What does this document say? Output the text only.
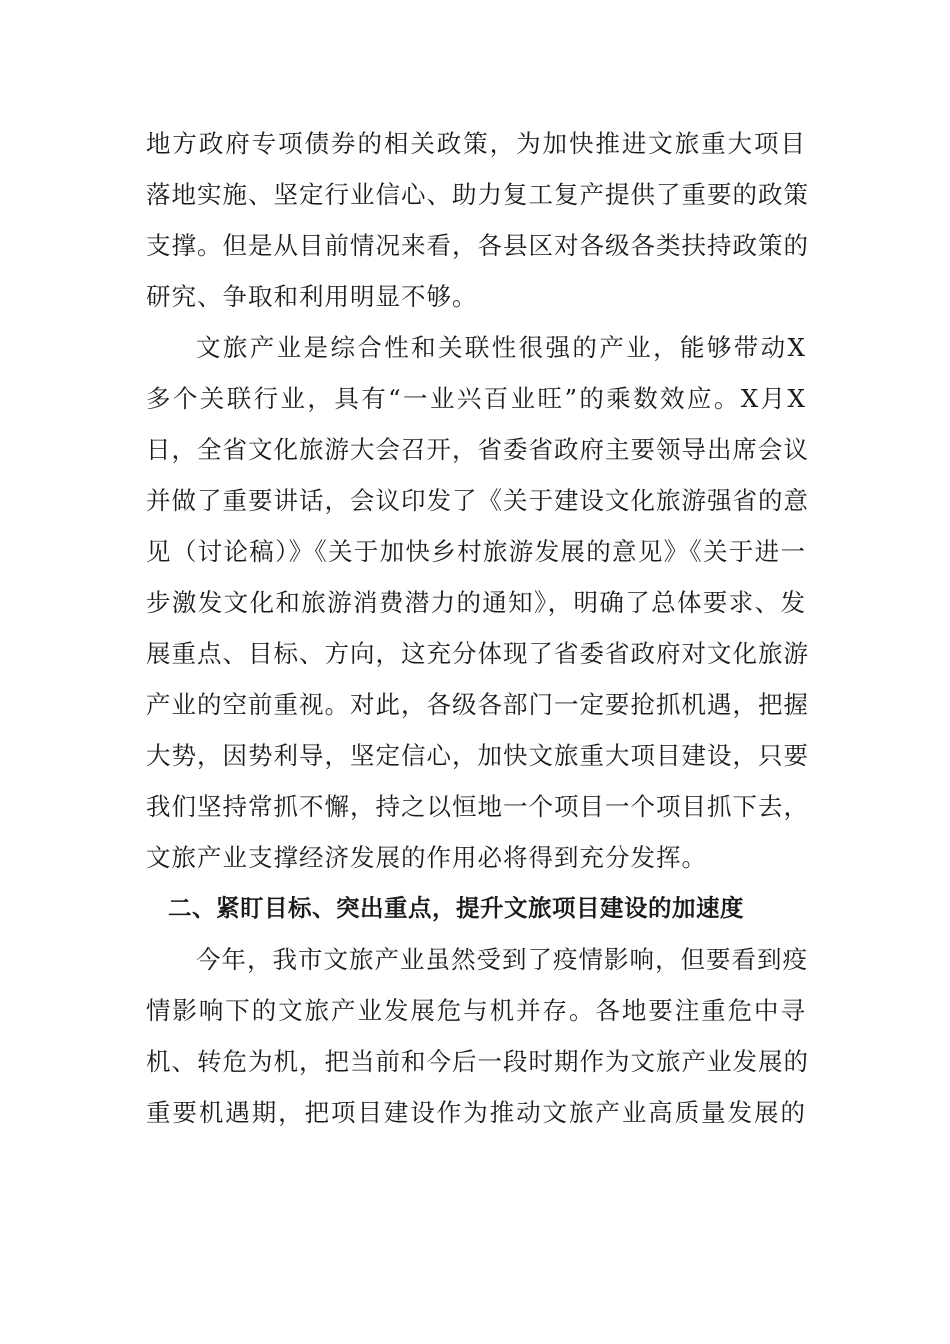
地方政府专项债券的相关政策，为加快推进文旅重大项目
落地实施、坚定行业信心、助力复工复产提供了重要的政策
支撑。但是从目前情况来看，各县区对各级各类扶持政策的
研究、争取和利用明显不够。
文旅产业是综合性和关联性很强的产业，能够带动X
多个关联行业，具有“一业兴百业旺”的乘数效应。X月X
日，全省文化旅游大会召开，省委省政府主要领导出席会议
并做了重要讲话，会议印发了《关于建设文化旅游强省的意
见（讨论稿）》《关于加快乡村旅游发展的意见》《关于进一
步激发文化和旅游消费潜力的通知》，明确了总体要求、发
展重点、目标、方向，这充分体现了省委省政府对文化旅游
产业的空前重视。对此，各级各部门一定要抢抓机遇，把握
大势，因势利导，坚定信心，加快文旅重大项目建设，只要
我们坚持常抓不懈，持之以恒地一个项目一个项目抓下去，
文旅产业支撑经济发展的作用必将得到充分发挥。
二、紧盯目标、突出重点，提升文旅项目建设的加速度
今年，我市文旅产业虽然受到了疫情影响，但要看到疫
情影响下的文旅产业发展危与机并存。各地要注重危中寻
机、转危为机，把当前和今后一段时期作为文旅产业发展的
重要机遇期，把项目建设作为推动文旅产业高质量发展的
